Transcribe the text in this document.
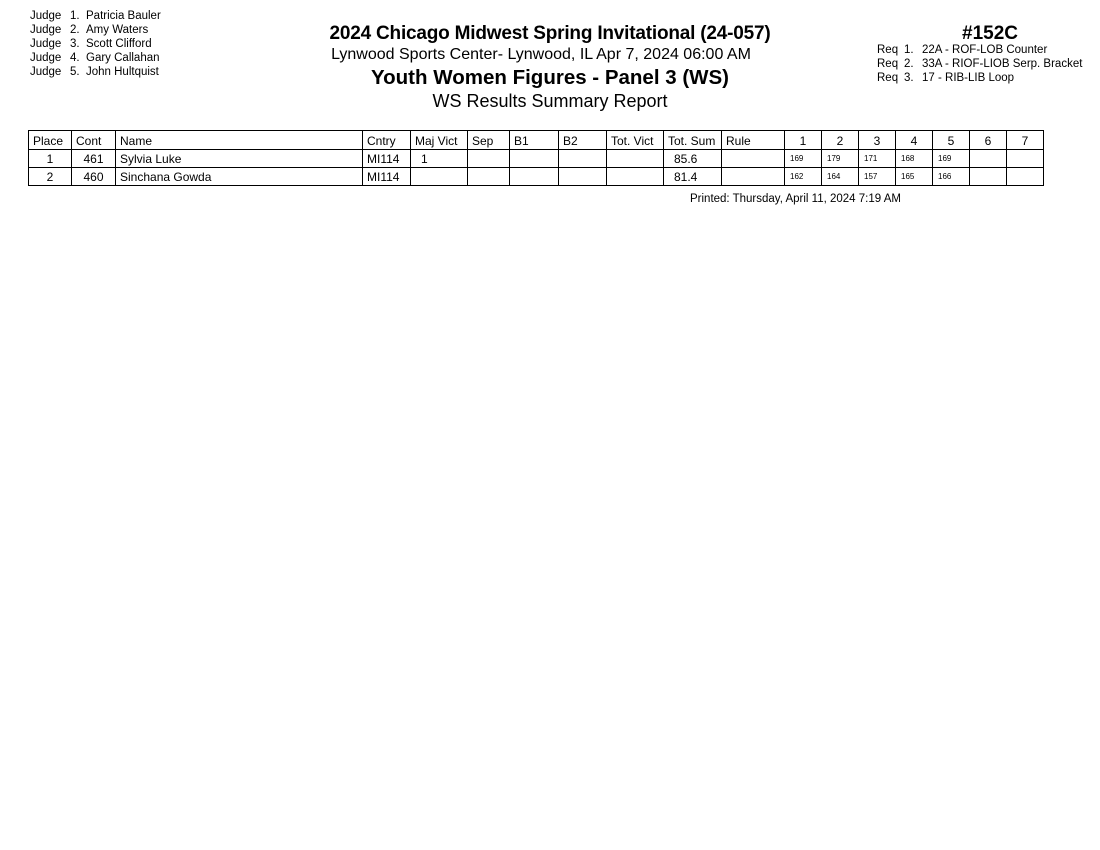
Judge 1. Patricia Bauler
Judge 2. Amy Waters
Judge 3. Scott Clifford
Judge 4. Gary Callahan
Judge 5. John Hultquist
2024 Chicago Midwest Spring Invitational (24-057)
Lynwood Sports Center- Lynwood, IL Apr 7, 2024 06:00 AM
Youth Women Figures - Panel 3 (WS)
WS Results Summary Report
#152C
Req 1. 22A - ROF-LOB Counter
Req 2. 33A - RIOF-LIOB Serp. Bracket
Req 3. 17 - RIB-LIB Loop
Place	Cont	Name	Cntry	Maj Vict	Sep	B1	B2	Tot. Vict	Tot. Sum	Rule	1	2	3	4	5	6	7
1	461	Sylvia Luke	MI114	1					85.6		169	179	171	168	169		
2	460	Sinchana Gowda	MI114						81.4		162	164	157	165	166		
Printed: Thursday, April 11, 2024 7:19 AM
